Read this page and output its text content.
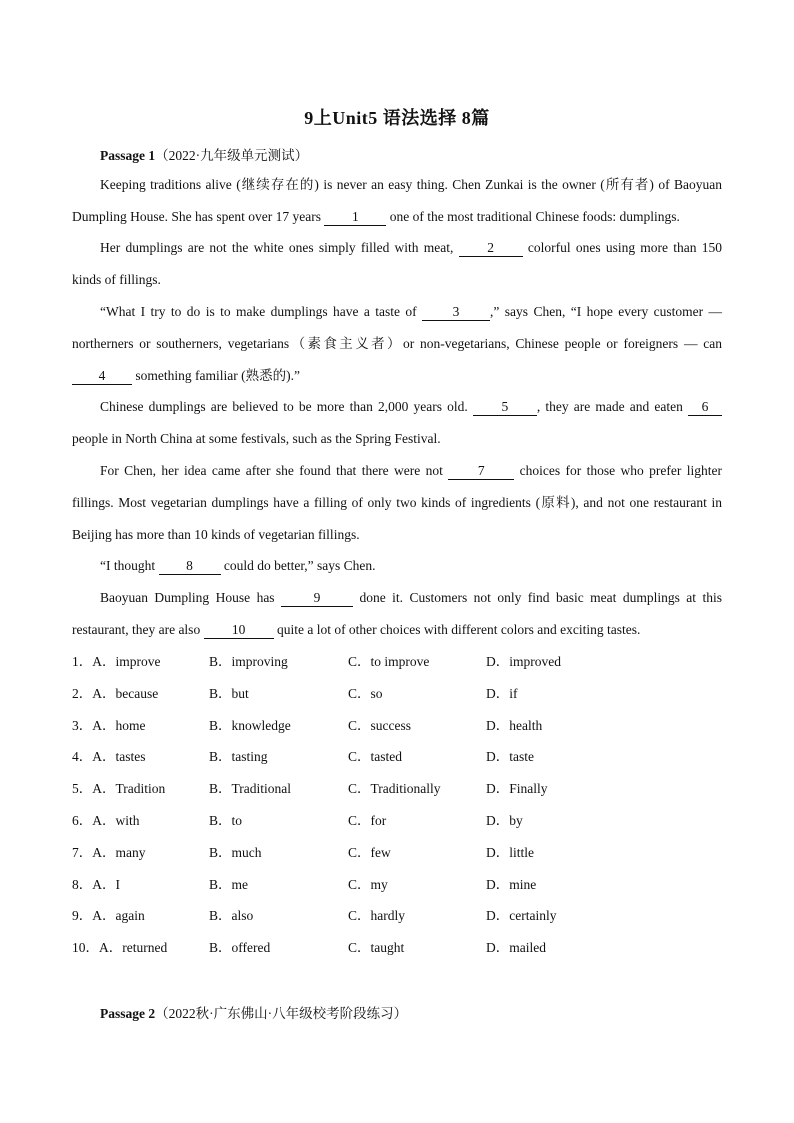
9上Unit5 语法选择 8篇
Passage 1（2022·九年级单元测试）

Keeping traditions alive (继续存在的) is never an easy thing. Chen Zunkai is the owner (所有者) of Baoyuan Dumpling House. She has spent over 17 years 1 one of the most traditional Chinese foods: dumplings.

Her dumplings are not the white ones simply filled with meat, 2 colorful ones using more than 150 kinds of fillings.

“What I try to do is to make dumplings have a taste of 3 ,” says Chen, “I hope every customer — northerners or southerners, vegetarians（素食主义者）or non-vegetarians, Chinese people or foreigners — can 4 something familiar (熟悉的).”

Chinese dumplings are believed to be more than 2,000 years old. 5 , they are made and eaten 6 people in North China at some festivals, such as the Spring Festival.

For Chen, her idea came after she found that there were not 7 choices for those who prefer lighter fillings. Most vegetarian dumplings have a filling of only two kinds of ingredients (原料), and not one restaurant in Beijing has more than 10 kinds of vegetarian fillings.

“I thought 8 could do better,” says Chen.

Baoyuan Dumpling House has 9 done it. Customers not only find basic meat dumplings at this restaurant, they are also 10 quite a lot of other choices with different colors and exciting tastes.

1．A．improve	B．improving	C．to improve	D．improved
2．A．because	B．but	C．so	D．if
3．A．home	B．knowledge	C．success	D．health
4．A．tastes	B．tasting	C．tasted	D．taste
5．A．Tradition	B．Traditional	C．Traditionally	D．Finally
6．A．with	B．to	C．for	D．by
7．A．many	B．much	C．few	D．little
8．A．I	B．me	C．my	D．mine
9．A．again	B．also	C．hardly	D．certainly
10．A．returned	B．offered	C．taught	D．mailed
Passage 2（2022秋·广东佛山·八年级校考阶段练习）
